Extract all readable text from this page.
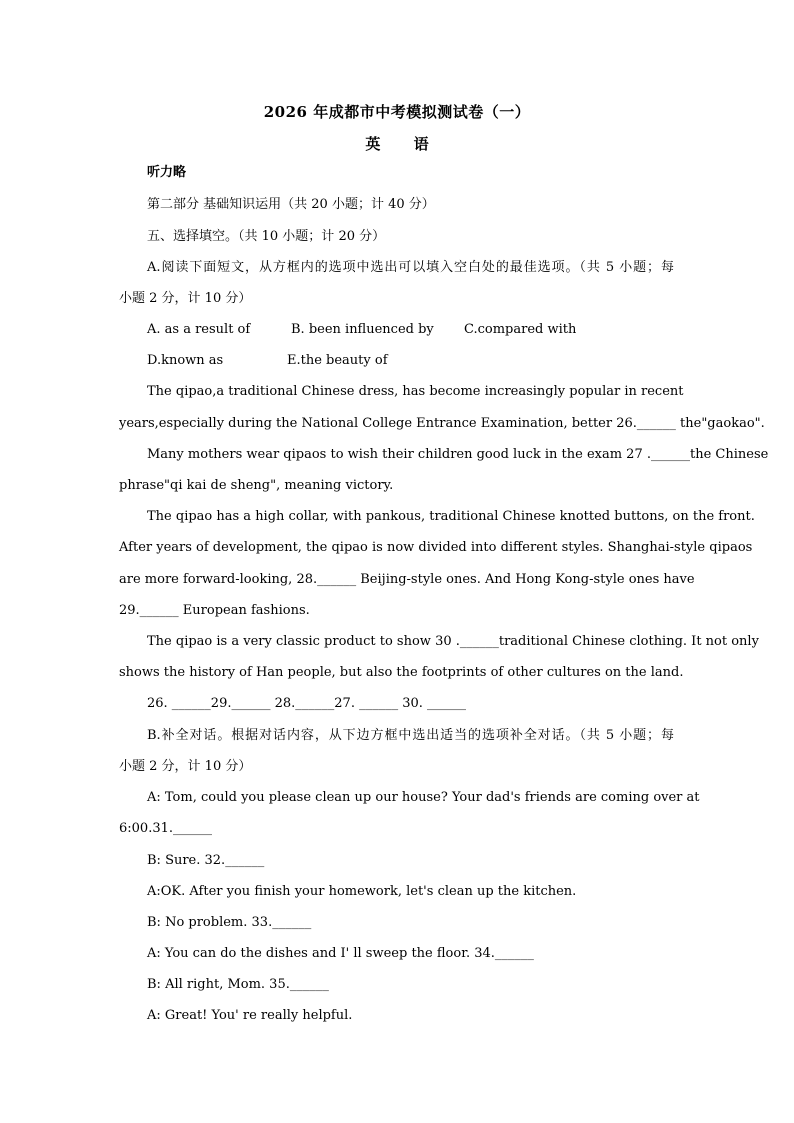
2026 年成都市中考模拟测试卷（一）
英 语
听力略
第二部分 基础知识运用（共 20 小题；计 40 分）
五、选择填空。（共 10 小题；计 20 分）
A.阅读下面短文，从方框内的选项中选出可以填入空白处的最佳选项。（共 5 小题；每
小题 2 分，计 10 分）
A. as a result of	B. been influenced by C.compared with
D.known as	E.the beauty of
The qipao,a traditional Chinese dress, has become increasingly popular in recent
years,especially during the National College Entrance Examination, better 26.______ the"gaokao".
Many mothers wear qipaos to wish their children good luck in the exam 27 .______the Chinese
phrase"qi kai de sheng", meaning victory.
The qipao has a high collar, with pankous, traditional Chinese knotted buttons, on the front.
After years of development, the qipao is now divided into different styles. Shanghai-style qipaos
are more forward-looking, 28.______ Beijing-style ones. And Hong Kong-style ones have
29.______ European fashions.
The qipao is a very classic product to show 30 .______traditional Chinese clothing. It not only
shows the history of Han people, but also the footprints of other cultures on the land.
26. ______29.______ 28.______27. ______ 30. ______
B.补全对话。根据对话内容，从下边方框中选出适当的选项补全对话。（共 5 小题；每
小题 2 分，计 10 分）
A: Tom, could you please clean up our house? Your dad's friends are coming over at
6:00.31.______
B: Sure. 32.______
A:OK. After you finish your homework, let's clean up the kitchen.
B: No problem. 33.______
A: You can do the dishes and I' ll sweep the floor. 34.______
B: All right, Mom. 35.______
A: Great! You' re really helpful.
